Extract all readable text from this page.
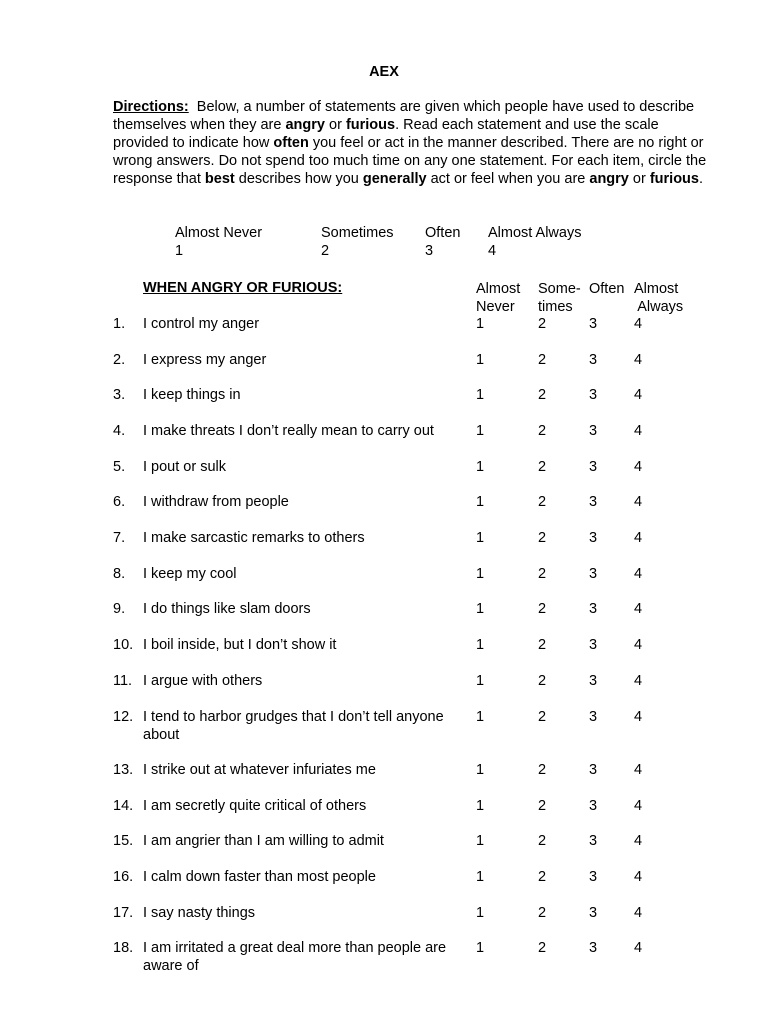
AEX
Directions: Below, a number of statements are given which people have used to describe themselves when they are angry or furious. Read each statement and use the scale provided to indicate how often you feel or act in the manner described. There are no right or wrong answers. Do not spend too much time on any one statement. For each item, circle the response that best describes how you generally act or feel when you are angry or furious.
Almost Never
1
Sometimes
2
Often
3
Almost Always
4
WHEN ANGRY OR FURIOUS:	Almost
Never
Some-
times
Often Almost
Always
1. I control my anger	1	2	3	4
2. I express my anger	1	2	3	4
3. I keep things in	1	2	3	4
4. I make threats I don’t really mean to carry out	1	2	3	4
5. I pout or sulk	1	2	3	4
6. I withdraw from people	1	2	3	4
7. I make sarcastic remarks to others	1	2	3	4
8. I keep my cool	1	2	3	4
9. I do things like slam doors	1	2	3	4
10. I boil inside, but I don’t show it	1	2	3	4
11. I argue with others	1	2	3	4
12. I tend to harbor grudges that I don’t tell anyone about
1	2	3	4
13. I strike out at whatever infuriates me	1	2	3	4
14. I am secretly quite critical of others	1	2	3	4
15. I am angrier than I am willing to admit	1	2	3	4
16. I calm down faster than most people	1	2	3	4
17. I say nasty things	1	2	3	4
18. I am irritated a great deal more than people are aware of
1	2	3	4
